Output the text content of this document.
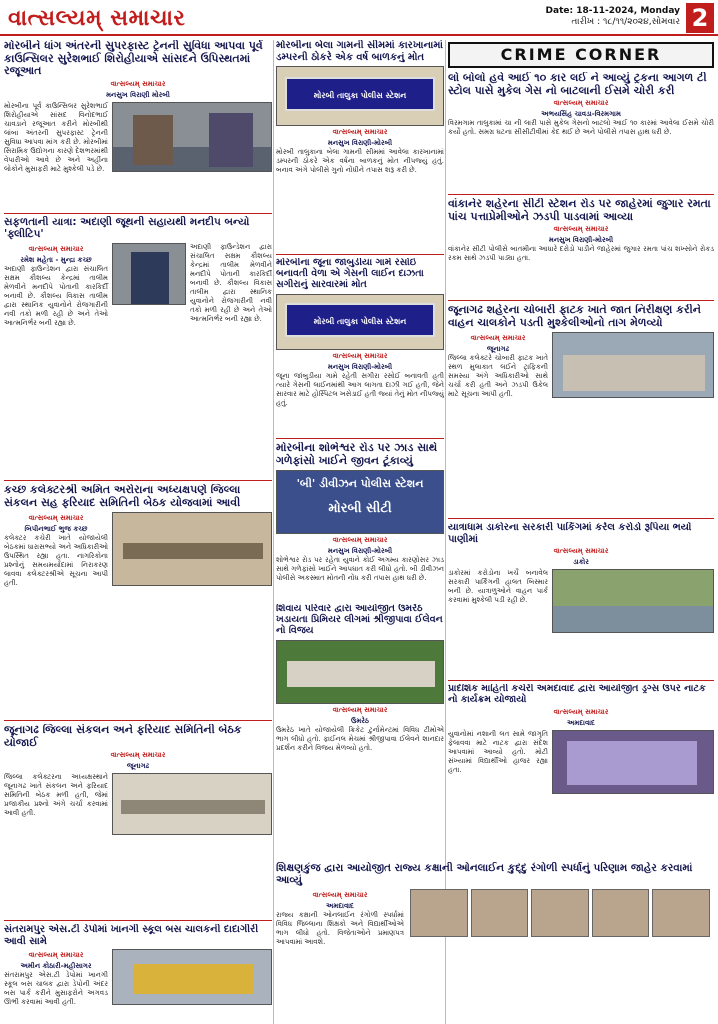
વાત્સલ્યમ્ સમાચાર	Date: 18-11-2024, Monday
તારીખ : ૧૮/૧૧/૨૦૨૪,સોમવાર 2
મોરબીને ધાંગ અંતરની સુપરફાસ્ટ ટ્રેનની સુવિધા આપવા પૂર્વ કાઉન્સિલર સુરેશભાઈ શિરોહીયાએ સાંસદને ઉપિસ્થતમાં રજૂઆત
વાત્સલ્યમ્ સમાચાર
મનસુખ વિરાણી મોરબી
મોરબીના પૂર્વ કાઉન્સિલર સુરેશભાઈ શિરોહીયાએ સાંસદ વિનોદભાઈ ચાવડાને રજૂઆત કરીને મોરબીથી લાંબા અંતરની સુપરફાસ્ટ ટ્રેનની સુવિધા આપવા માંગ કરી છે. મોરબીમાં સિરામિક ઉદ્યોગના કારણે દેશભરમાંથી વેપારીઓ આવે છે અને અહીંના લોકોને મુસાફરી માટે મુશ્કેલી પડે છે.
સફળતાની યાત્રા: અદાણી જૂથની સહાયથી મનદીપ બન્યો 'ફ્લીટિપ'
વાત્સલ્યમ્ સમાચાર
રમેશ મહેતા - મુન્દ્રા કચ્છ
અદાણી ફાઉન્ડેશન દ્વારા સંચાલિત સક્ષમ કૌશલ્ય કેન્દ્રમાં તાલીમ મેળવીને મનદીપે પોતાની કારકિર્દી બનાવી છે. કૌશલ્ય વિકાસ તાલીમ દ્વારા સ્થાનિક યુવાનોને રોજગારીની નવી તકો મળી રહી છે અને તેઓ આત્મનિર્ભર બની રહ્યા છે.
અદાણી ફાઉન્ડેશન દ્વારા સંચાલિત સક્ષમ કૌશલ્ય કેન્દ્રમાં તાલીમ મેળવીને મનદીપે પોતાની કારકિર્દી બનાવી છે. કૌશલ્ય વિકાસ તાલીમ દ્વારા સ્થાનિક યુવાનોને રોજગારીની નવી તકો મળી રહી છે અને તેઓ આત્મનિર્ભર બની રહ્યા છે.
કચ્છ કલેક્ટરશ્રી અમિત અરોરાના અધ્યક્ષપણે જિલ્લા સંકલન સહ ફરિયાદ સમિતિની બેઠક યોજવામાં આવી
વાત્સલ્યમ્ સમાચાર
બિપીનભાઈ ભુજ કચ્છ
કલેક્ટર કચેરી ખાતે યોજાયેલી બેઠકમાં ધારાસભ્યો અને અધિકારીઓ ઉપસ્થિત રહ્યા હતા. નાગરિકોના પ્રશ્નોનું સમયમર્યાદામાં નિરાકરણ લાવવા કલેક્ટરશ્રીએ સૂચના આપી હતી.
જૂનાગઢ જિલ્લા સંકલન અને ફરિયાદ સમિતિની બેઠક યોજાઈ
વાત્સલ્યમ્ સમાચાર
જૂનાગઢ
જિલ્લા કલેક્ટરના અધ્યક્ષસ્થાને જૂનાગઢ ખાતે સંકલન અને ફરિયાદ સમિતિની બેઠક મળી હતી, જેમાં પ્રજાકીય પ્રશ્નો અંગે ચર્ચા કરવામાં આવી હતી.
સંતરામપુર એસ.ટી ડેપોમાં ખાનગી સ્કૂલ બસ ચાલકની દાદાગીરી આવી સામે
વાત્સલ્યમ્ સમાચાર
અમીન કોઠારી-મહીસાગર
સંતરામપુર એસ.ટી ડેપોમાં ખાનગી સ્કૂલ બસ ચાલક દ્વારા ડેપોની અંદર બસ પાર્ક કરીને મુસાફરોને અગવડ ઊભી કરવામાં આવી હતી.
મોરબીના બેલા ગામની સીમમાં કારખાનામાં ડમ્પરની ઠોકરે એક વર્ષ બાળકનું મોત
મોરબી તાલુકા પોલીસ સ્ટેશન
વાત્સલ્યમ્ સમાચાર
મનસુખ વિરાણી-મોરબી
મોરબી તાલુકાના બેલા ગામની સીમમાં આવેલા કારખાનામાં ડમ્પરની ઠોકરે એક વર્ષના બાળકનું મોત નીપજ્યું હતું. બનાવ અંગે પોલીસે ગુનો નોંધીને તપાસ શરૂ કરી છે.
મોરબીના જૂના જાંબુડીયા ગામે રસોઈ બનાવતી વેળા એ ગેસની લાઈન દાઝતા સગીરાનું સારવારમાં મોત
મોરબી તાલુકા પોલીસ સ્ટેશન
વાત્સલ્યમ્ સમાચાર
મનસુખ વિરાણી-મોરબી
જૂના જાંબુડીયા ગામે રહેતી સગીરા રસોઈ બનાવતી હતી ત્યારે ગેસની લાઈનમાંથી આગ લાગતા દાઝી ગઈ હતી, જેને સારવાર માટે હોસ્પિટલ ખસેડાઈ હતી જ્યાં તેનું મોત નીપજ્યું હતું.
મોરબીના શોભેશ્વર રોડ પર ઝાડ સાથે ગળેફાંસો ખાઈને જીવન ટૂંકાવ્યું
'બી' ડીવીઝન પોલીસ સ્ટેશન
મોરબી સીટી
વાત્સલ્યમ્ સમાચાર
મનસુખ વિરાણી-મોરબી
શોભેશ્વર રોડ પર રહેતા યુવાને કોઈ અગમ્ય કારણોસર ઝાડ સાથે ગળેફાંસો ખાઈને આપઘાત કરી લીધો હતો. બી ડીવીઝન પોલીસે અકસ્માત મોતની નોંધ કરી તપાસ હાથ ધરી છે.
શિવાય પરિવાર દ્વારા આયોજીત ઉમરેઠ ખડાયતા પ્રિમિયર લીગમાં શ્રીજીપાવા ઈલેવન નો વિજય
વાત્સલ્યમ્ સમાચાર
ઉમરેઠ
ઉમરેઠ ખાતે યોજાયેલી ક્રિકેટ ટુર્નામેન્ટમાં વિવિધ ટીમોએ ભાગ લીધો હતો. ફાઈનલ મેચમાં શ્રીજીપાવા ઈલેવને શાનદાર પ્રદર્શન કરીને વિજય મેળવ્યો હતો.
CRIME CORNER
લો બોલો હવે આઈ ૧૦ કાર લઈ ને આવ્યું ટ્રકના આગળ ટી સ્ટોલ પાસે મુકેલ ગેસ નો બાટલાની ઈસમે ચોરી કરી
વાત્સલ્યમ્ સમાચાર
અભયસિંહ ચાવડા-વિરમગામ
વિરમગામ તાલુકામાં ચા ની લારી પાસે મુકેલ ગેસનો બાટલો આઈ ૧૦ કારમાં આવેલા ઈસમે ચોરી કર્યો હતો. સમગ્ર ઘટના સીસીટીવીમાં કેદ થઈ છે અને પોલીસે તપાસ હાથ ધરી છે.
વાંકાનેર શહેરના સીટી સ્ટેશન રોડ પર જાહેરમાં જુગાર રમતા પાંચ પત્તાપ્રેમીઓને ઝડપી પાડવામાં આવ્યા
વાત્સલ્યમ્ સમાચાર
મનસુખ વિરાણી-મોરબી
વાંકાનેર સીટી પોલીસે બાતમીના આધારે દરોડો પાડીને જાહેરમાં જુગાર રમતા પાંચ શખ્સોને રોકડ રકમ સાથે ઝડપી પાડ્યા હતા.
જૂનાગઢ શહેરના ચોબારી ફાટક ખાતે જાત નિરીક્ષણ કરીને વાહન ચાલકોને પડતી મુશ્કેલીઓનો તાગ મેળવ્યો
વાત્સલ્યમ્ સમાચાર
જૂનાગઢ
જિલ્લા કલેક્ટરે ચોબારી ફાટક ખાતે સ્થળ મુલાકાત લઈને ટ્રાફિકની સમસ્યા અંગે અધિકારીઓ સાથે ચર્ચા કરી હતી અને ઝડપી ઉકેલ માટે સૂચના આપી હતી.
યાત્રાધામ ડાકોરના સરકારી પાર્કિંગમાં કરેલ કરોડો રૂપિયા ભર્યો પાણીમાં
વાત્સલ્યમ્ સમાચાર
ડાકોર
ડાકોરમાં કરોડોના ખર્ચે બનાવેલ સરકારી પાર્કિંગની હાલત બિસ્માર બની છે. યાત્રાળુઓને વાહન પાર્ક કરવામાં મુશ્કેલી પડી રહી છે.
પ્રાદેશિક માહિતી કચેરી અમદાવાદ દ્વારા આયોજીત ડ્રગ્સ ઉપર નાટક નો કાર્યક્રમ યોજાયો
વાત્સલ્યમ્ સમાચાર
અમદાવાદ
યુવાનોમાં નશાની લત સામે જાગૃતિ ફેલાવવા માટે નાટક દ્વારા સંદેશ આપવામાં આવ્યો હતો. મોટી સંખ્યામાં વિદ્યાર્થીઓ હાજર રહ્યા હતા.
શિક્ષણકુંજ દ્વારા આયોજીત રાજ્ય કક્ષાની ઓનલાઈન કુદ્દુ રંગોળી સ્પર્ધાનું પરિણામ જાહેર કરવામાં આવ્યું
વાત્સલ્યમ્ સમાચાર
અમદાવાદ
રાજ્ય કક્ષાની ઓનલાઈન રંગોળી સ્પર્ધામાં વિવિધ જિલ્લાના શિક્ષકો અને વિદ્યાર્થીઓએ ભાગ લીધો હતો. વિજેતાઓને પ્રમાણપત્ર આપવામાં આવશે.
